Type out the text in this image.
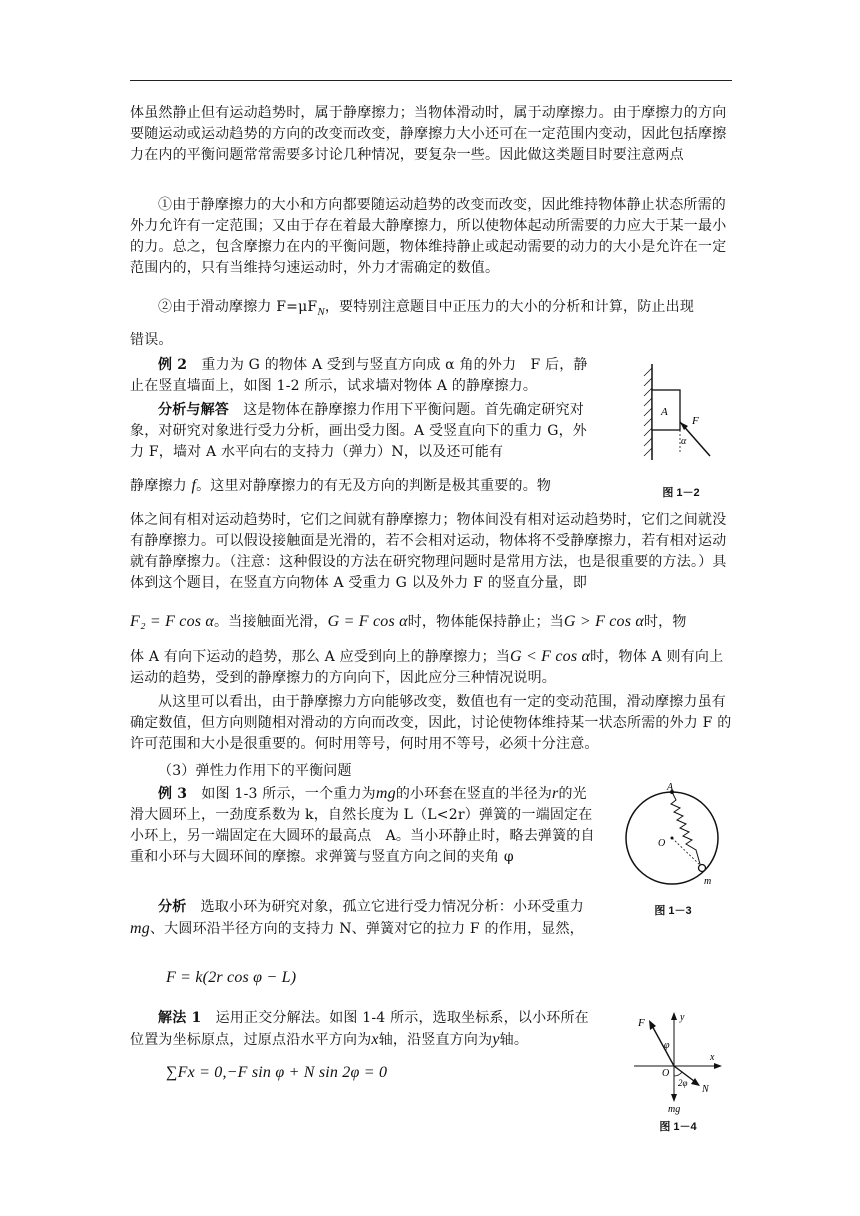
体虽然静止但有运动趋势时，属于静摩擦力；当物体滑动时，属于动摩擦力。由于摩擦力的方向要随运动或运动趋势的方向的改变而改变，静摩擦力大小还可在一定范围内变动，因此包括摩擦力在内的平衡问题常常需要多讨论几种情况，要复杂一些。因此做这类题目时要注意两点
①由于静摩擦力的大小和方向都要随运动趋势的改变而改变，因此维持物体静止状态所需的外力允许有一定范围；又由于存在着最大静摩擦力，所以使物体起动所需要的力应大于某一最小的力。总之，包含摩擦力在内的平衡问题，物体维持静止或起动需要的动力的大小是允许在一定范围内的，只有当维持匀速运动时，外力才需确定的数值。
②由于滑动摩擦力 $F=\mu F_N$，要特别注意题目中正压力的大小的分析和计算，防止出现
错误。
例 2　 重力为 G 的物体 A 受到与竖直方向成 α 角的外力　F 后，静止在竖直墙面上，如图 1-2 所示，试求墙对物体 A 的静摩擦力。
分析与解答　 这是物体在静摩擦力作用下平衡问题。首先确定研究对象，对研究对象进行受力分析，画出受力图。A 受竖直向下的重力 G，外力 F，墙对 A 水平向右的支持力（弹力）N，以及还可能有
静摩擦力 f。这里对静摩擦力的有无及方向的判断是极其重要的。物
A
F
α
图 1－2
体之间有相对运动趋势时，它们之间就有静摩擦力；物体间没有相对运动趋势时，它们之间就没有静摩擦力。可以假设接触面是光滑的，若不会相对运动，物体将不受静摩擦力，若有相对运动就有静摩擦力。（注意：这种假设的方法在研究物理问题时是常用方法，也是很重要的方法。）具体到这个题目，在竖直方向物体 A 受重力 G 以及外力 F 的竖直分量，即
F₂ = F cos α。当接触面光滑，G = F cos α时，物体能保持静止；当G > F cos α时，物
体 A 有向下运动的趋势，那么 A 应受到向上的静摩擦力；当G < F cos α时，物体 A 则有向上运动的趋势，受到的静摩擦力的方向向下，因此应分三种情况说明。
从这里可以看出，由于静摩擦力方向能够改变，数值也有一定的变动范围，滑动摩擦力虽有确定数值，但方向则随相对滑动的方向而改变，因此，讨论使物体维持某一状态所需的外力 F 的许可范围和大小是很重要的。何时用等号，何时用不等号，必须十分注意。
（3）弹性力作用下的平衡问题
例 3　 如图 1-3 所示，一个重力为mg的小环套在竖直的半径为r的光滑大圆环上，一劲度系数为 k，自然长度为 L（L<2r）弹簧的一端固定在小环上，另一端固定在大圆环的最高点　A。当小环静止时，略去弹簧的自重和小环与大圆环间的摩擦。求弹簧与竖直方向之间的夹角 φ
A
O
m
图 1－3
分析　 选取小环为研究对象，孤立它进行受力情况分析：小环受重力mg、大圆环沿半径方向的支持力 N、弹簧对它的拉力 F 的作用，显然，
F = k(2r cos φ − L)
解法 1　 运用正交分解法。如图 1-4 所示，选取坐标系，以小环所在位置为坐标原点，过原点沿水平方向为x轴，沿竖直方向为y轴。
∑Fx = 0,−F sin φ + N sin 2φ = 0
y
x
F
φ
N
2φ
O
mg
图 1－4
